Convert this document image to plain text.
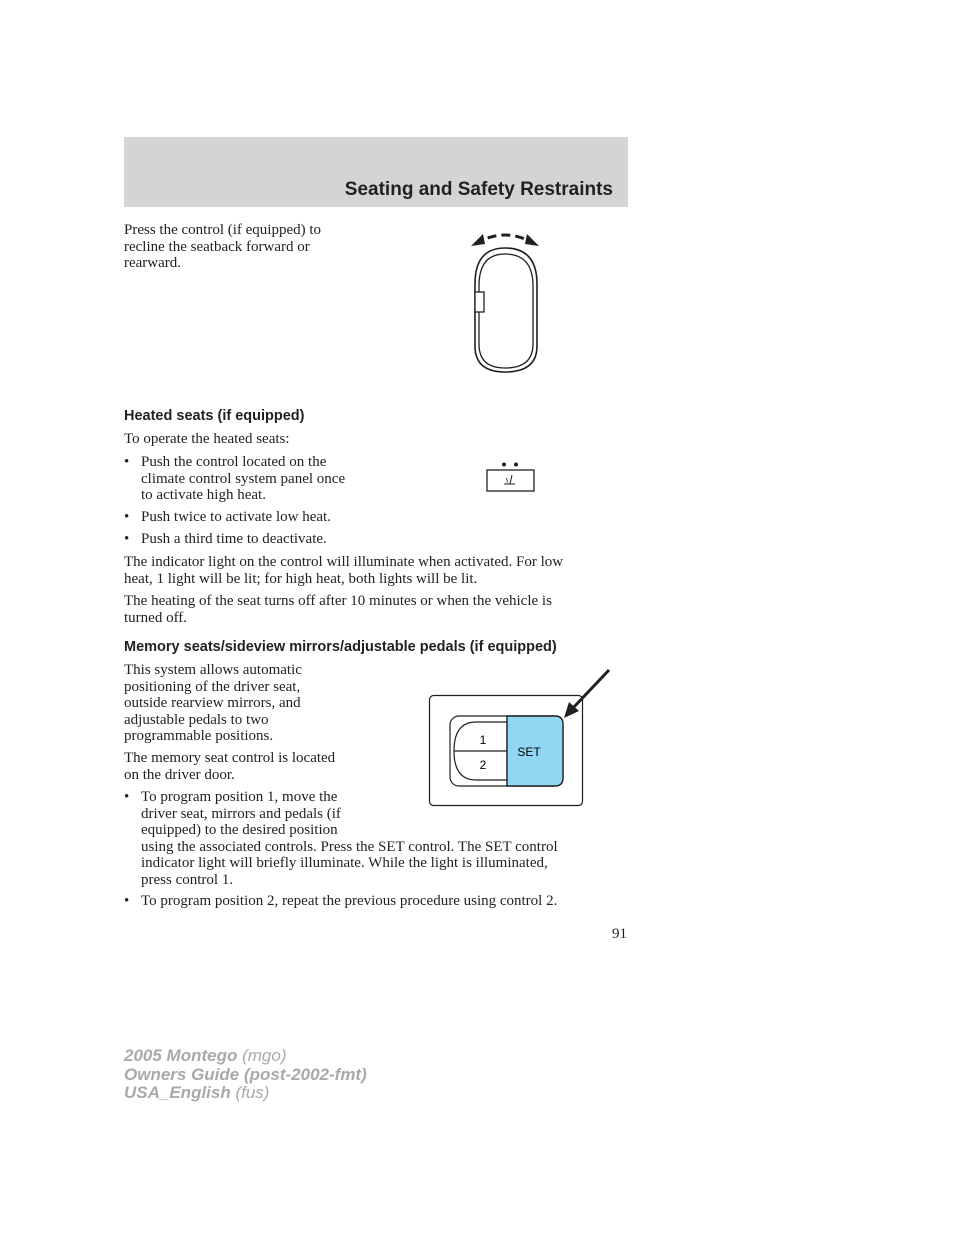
Seating and Safety Restraints

Press the control (if equipped) to
recline the seatback forward or
rearward.

Heated seats (if equipped)

To operate the heated seats:

• Push the control located on the
climate control system panel once
to activate high heat.
• Push twice to activate low heat.
• Push a third time to deactivate.

The indicator light on the control will illuminate when activated. For low
heat, 1 light will be lit; for high heat, both lights will be lit.

The heating of the seat turns off after 10 minutes or when the vehicle is
turned off.

Memory seats/sideview mirrors/adjustable pedals (if equipped)

This system allows automatic
positioning of the driver seat,
outside rearview mirrors, and
adjustable pedals to two
programmable positions.

The memory seat control is located
on the driver door.

• To program position 1, move the
driver seat, mirrors and pedals (if
equipped) to the desired position
using the associated controls. Press the SET control. The SET control
indicator light will briefly illuminate. While the light is illuminated,
press control 1.
• To program position 2, repeat the previous procedure using control 2.
1
2
SET
91
2005 Montego (mgo)
Owners Guide (post-2002-fmt)
USA_English (fus)
